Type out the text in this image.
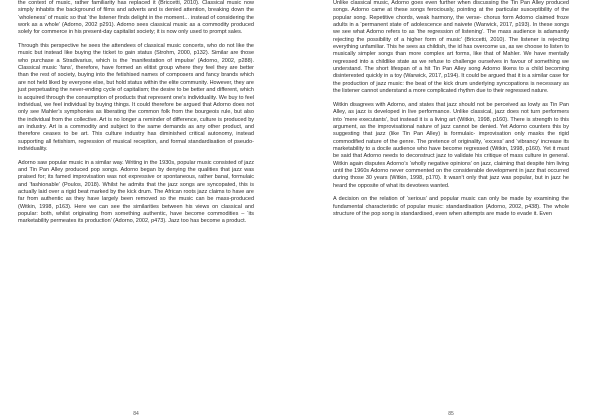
the context of music, rather familiarity has replaced it (Briccetti, 2010). Classical music now simply inhabits the background of films and adverts and is denied attention, breaking down the ‘wholeness’ of music so that ‘the listener finds delight in the moment… instead of considering the work as a whole’ (Adorno, 2002 p291). Adorno sees classical music as a commodity produced solely for commerce in his present-day capitalist society; it is now only used to prompt sales.

Through this perspective he sees the attendees of classical music concerts, who do not like the music but instead like buying the ticket to gain status (Strohm, 2000, p132). Similar are those who purchase a Stradivarius, which is the ‘manifestation of impulse’ (Adorno, 2002, p288). Classical music ‘fans’, therefore, have formed an elitist group where they feel they are better than the rest of society, buying into the fetishised names of composers and fancy brands which are not held liked by everyone else, but hold status within the elite community. However, they are just perpetuating the never-ending cycle of capitalism; the desire to be better and different, which is acquired through the consumption of products that represent one’s individuality. We buy to feel individual, we feel individual by buying things. It could therefore be argued that Adorno does not only see Mahler’s symphonies as liberating the common folk from the bourgeois rule, but also the individual from the collective. Art is no longer a reminder of difference, culture is produced by an industry. Art is a commodity and subject to the same demands as any other product, and therefore ceases to be art. This culture industry has diminished critical autonomy, instead supporting all fetishism, regression of musical reception, and formal standardisation of pseudo-individuality.

Adorno saw popular music in a similar way. Writing in the 1930s, popular music consisted of jazz and Tin Pan Alley produced pop songs. Adorno began by denying the qualities that jazz was praised for; its famed improvisation was not expressive or spontaneous, rather banal, formulaic and ‘fashionable’ (Poulos, 2018). Whilst he admits that the jazz songs are syncopated, this is actually laid over a rigid beat marked by the kick drum. The African roots jazz claims to have are far from authentic as they have largely been removed so the music can be mass-produced (Witkin, 1998, p163). Here we can see the similarities between his views on classical and popular: both, whilst originating from something authentic, have become commodities – ‘its marketability permeates its production’ (Adorno, 2002, p473). Jazz too has become a product.

84

Unlike classical music, Adorno goes even further when discussing the Tin Pan Alley produced songs. Adorno came at these songs ferociously, pointing at the particular susceptibility of the popular song. Repetitive chords, weak harmony, the verse- chorus form Adorno claimed froze adults in a ‘permanent state of’ adolescence and naivete (Warwick, 2017, p193). In these songs we see what Adorno refers to as ‘the regression of listening’. The mass audience is adamantly rejecting the possibility of a higher form of music’ (Briccetti, 2010). The listener is rejecting everything unfamiliar. This he sees as childish, the id has overcome us, as we choose to listen to musically simpler songs than more complex art forms, like that of Mahler. We have mentally regressed into a childlike state as we refuse to challenge ourselves in favour of something we understand. The short lifespan of a hit Tin Pan Alley song Adorno likens to a child becoming disinterested quickly in a toy (Warwick, 2017, p194). It could be argued that it is a similar case for the production of jazz music: the beat of the kick drum underlying syncopations is necessary as the listener cannot understand a more complicated rhythm due to their regressed nature.

Witkin disagrees with Adorno, and states that jazz should not be perceived as lowly as Tin Pan Alley, as jazz is developed in live performance. Unlike classical, jazz does not turn performers into ‘mere executants’, but instead it is a living art (Witkin, 1998, p160). There is strength to this argument, as the improvisational nature of jazz cannot be denied. Yet Adorno counters this by suggesting that jazz (like Tin Pan Alley) is formulaic- improvisation only masks the rigid commodified nature of the genre. The pretence of originality, ‘excess’ and ‘vibrancy’ increase its marketability to a docile audience who have become regressed (Witkin, 1998, p160). Yet it must be said that Adorno needs to deconstruct jazz to validate his critique of mass culture in general. Witkin again disputes Adorno’s ‘wholly negative opinions’ on jazz, claiming that despite him living until the 1960s Adorno never commented on the considerable development in jazz that occurred during those 30 years (Witkin, 1998, p170). It wasn’t only that jazz was popular, but in jazz he heard the opposite of what its devotees wanted.

A decision on the relation of ‘serious’ and popular music can only be made by examining the fundamental characteristic of popular music: standardisation (Adorno, 2002, p438). The whole structure of the pop song is standardised, even when attempts are made to evade it. Even

85
